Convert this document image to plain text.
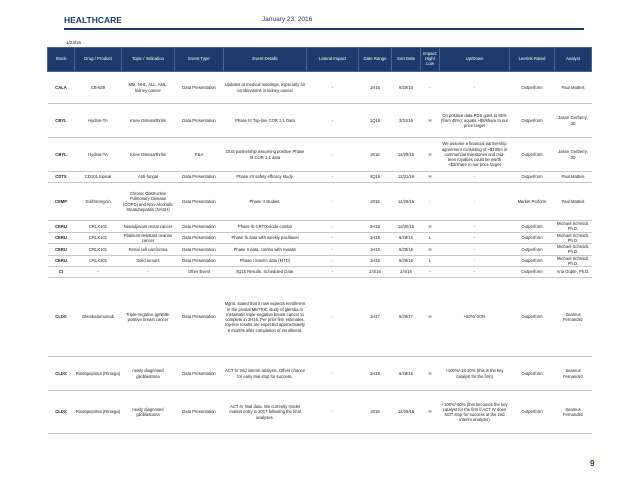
HEALTHCARE	January 23, 2016
1/23/16
Stock	Drug / Product	Topic / Indication	Event Type	Event Details	Lateral Impact	Date Range	Sort Date	Impact: High/ Low	Up/Down	Leerink Rated	Analyst
CALA	CB-839	MM, NHL, ALL, AML, kidney cancer	Data Presentation	Updates at medical meetings, especially for combinations in kidney cancer	-	1H16	6/29/16	-	-	Outperform	Paul Matteis
CBYL	Hydros-TA	Knee Osteoarthritis	Data Presentation	Phase III Top-line COR 1.1 Data	-	1Q16	3/31/16	H	On positive data PDS goes to 65% (from 45%); equals +$8/share to our price target	Outperform	Jason Gerberry, JD
CBYL	Hydros-TA	Knee Osteoarthritis	P&A	OUS partnership assuming positive Phase III COR 1.1 data	-	2016	12/29/16	H	We assume a financial partnership agreement consisting of ~$100m in commercial milestones and mid-teen royalties could be worth ~$3/share to our price target	Outperform	Jason Gerberry, JD
CDTX	CD101 topical	Anti-fungal	Data Presentation	Phase I/II safety efficacy study.	-	4Q16	12/31/16	H	-	Outperform	Paul Matteis
CEMP	Solithromycin	Chronic Obstructive Pulmonary Disease (COPD) and Non-Alcoholic Steatohepatitis (NASH)	Data Presentation	Phase II studies.	-	2016	12/29/16	-	-	Market Perform	Paul Matteis
CERU	CRLX101	Neoadjuvant rectal cancer	Data Presentation	Phase Ib CRT/Xeloda combo	-	2H16	12/30/16	H	-	Outperform	Michael Schmidt, Ph.D.
CERU	CRLX101	Platinum-resistant ovarian cancer	Data Presentation	Phase Ib data with weekly paclitaxel	-	1H16	6/29/16	L	-	Outperform	Michael Schmidt, Ph.D.
CERU	CRLX101	Renal cell carcinoma	Data Presentation	Phase II data, combo with Avastin	-	1H16	6/29/16	H	-	Outperform	Michael Schmidt, Ph.D.
CERU	CRLX301	Solid tumors	Data Presentation	Phase I interim data (MTD)	-	1H16	6/29/16	L	-	Outperform	Michael Schmidt, Ph.D.
CI	-	-	Other Event	4Q15 Results. Scheduled Date.	-	2/4/16	2/4/16	-	-	Outperform	Ana Gupte, Ph.D.
CLDX	Glembatumumab	Triple-negative gpNMB-positive breast cancer	Data Presentation	Mgmt. stated that it now expects enrollment in the pivotal METRIC study of glemba in metastatic triple-negative breast cancer to complete in 2H16. Per prior firm estimates, top-line results are expected approximately 6 months after completion of enrollment.	-	1H17	6/29/17	H	+50%/-20%	Outperform	Seamus Fernandez
CLDX	Rindopepimut (Rintega)	newly diagnosed glioblastoma	Data Presentation	ACT IV 2nd interim analysis, Offers chance for early trial stop for success.	-	1H16	6/29/16	H	+100%/-15-20% (this is the key catalyst for the firm)	Outperform	Seamus Fernandez
CLDX	Rindopepimut (Rintega)	newly diagnosed glioblastoma	Data Presentation	ACT IV final data. We currently model market entry in 2017 following the final analyses.	-	2016	12/29/16	H	+100%/-50% (this becomes the key catalyst for the firm if ACT IV does NOT stop for success at the 2nd interim analysis)	Outperform	Seamus Fernandez
9
